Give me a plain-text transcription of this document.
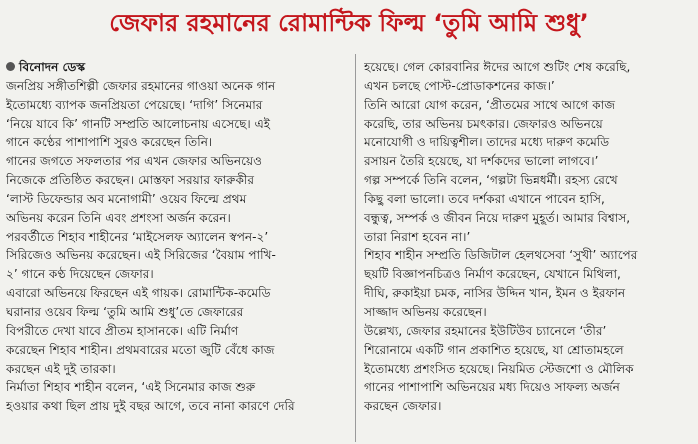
জেফার রহমানের রোমান্টিক ফিল্ম ‘তুমি আমি শুধু’
বিনোদন ডেস্ক
জনপ্রিয় সঙ্গীতশিল্পী জেফার রহমানের গাওয়া অনেক গান
ইতোমধ্যে ব্যাপক জনপ্রিয়তা পেয়েছে। ‘দাগি’ সিনেমার
‘নিয়ে যাবে কি’ গানটি সম্প্রতি আলোচনায় এসেছে। এই
গানে কণ্ঠের পাশাপাশি সুরও করেছেন তিনি।
গানের জগতে সফলতার পর এখন জেফার অভিনয়েও
নিজেকে প্রতিষ্ঠিত করছেন। মোস্তফা সরয়ার ফারুকীর
‘লাস্ট ডিফেন্ডার অব মনোগামী’ ওয়েব ফিল্মে প্রথম
অভিনয় করেন তিনি এবং প্রশংসা অর্জন করেন।
পরবর্তীতে শিহাব শাহীনের ‘মাইসেলফ অ্যালেন স্বপন-২’
সিরিজেও অভিনয় করেছেন। এই সিরিজের ‘বৈয়াম পাখি-
২’ গানে কণ্ঠ দিয়েছেন জেফার।
এবারো অভিনয়ে ফিরছেন এই গায়ক। রোমান্টিক-কমেডি
ঘরানার ওয়েব ফিল্ম ‘তুমি আমি শুধু’তে জেফারের
বিপরীতে দেখা যাবে প্রীতম হাসানকে। এটি নির্মাণ
করেছেন শিহাব শাহীন। প্রথমবারের মতো জুটি বেঁধে কাজ
করছেন এই দুই তারকা।
নির্মাতা শিহাব শাহীন বলেন, ‘এই সিনেমার কাজ শুরু
হওয়ার কথা ছিল প্রায় দুই বছর আগে, তবে নানা কারণে দেরি
হয়েছে। গেল কোরবানির ঈদের আগে শুটিং শেষ করেছি,
এখন চলছে পোস্ট-প্রোডাকশনের কাজ।’
তিনি আরো যোগ করেন, ‘প্রীতমের সাথে আগে কাজ
করেছি, তার অভিনয় চমৎকার। জেফারও অভিনয়ে
মনোযোগী ও দায়িত্বশীল। তাদের মধ্যে দারুণ কমেডি
রসায়ন তৈরি হয়েছে, যা দর্শকদের ভালো লাগবে।’
গল্প সম্পর্কে তিনি বলেন, ‘গল্পটা ভিন্নধর্মী। রহস্য রেখে
কিছু বলা ভালো। তবে দর্শকরা এখানে পাবেন হাসি,
বন্ধুত্ব, সম্পর্ক ও জীবন নিয়ে দারুণ মুহূর্ত। আমার বিশ্বাস,
তারা নিরাশ হবেন না।’
শিহাব শাহীন সম্প্রতি ডিজিটাল হেলথসেবা ‘সুখী’ অ্যাপের
ছয়টি বিজ্ঞাপনচিত্রও নির্মাণ করেছেন, যেখানে মিথিলা,
দীঘি, রুকাইয়া চমক, নাসির উদ্দিন খান, ইমন ও ইরফান
সাজ্জাদ অভিনয় করেছেন।
উল্লেখ্য, জেফার রহমানের ইউটিউব চ্যানেলে ‘তীর’
শিরোনামে একটি গান প্রকাশিত হয়েছে, যা শ্রোতামহলে
ইতোমধ্যে প্রশংসিত হয়েছে। নিয়মিত স্টেজশো ও মৌলিক
গানের পাশাপাশি অভিনয়ের মধ্য দিয়েও সাফল্য অর্জন
করছেন জেফার।
